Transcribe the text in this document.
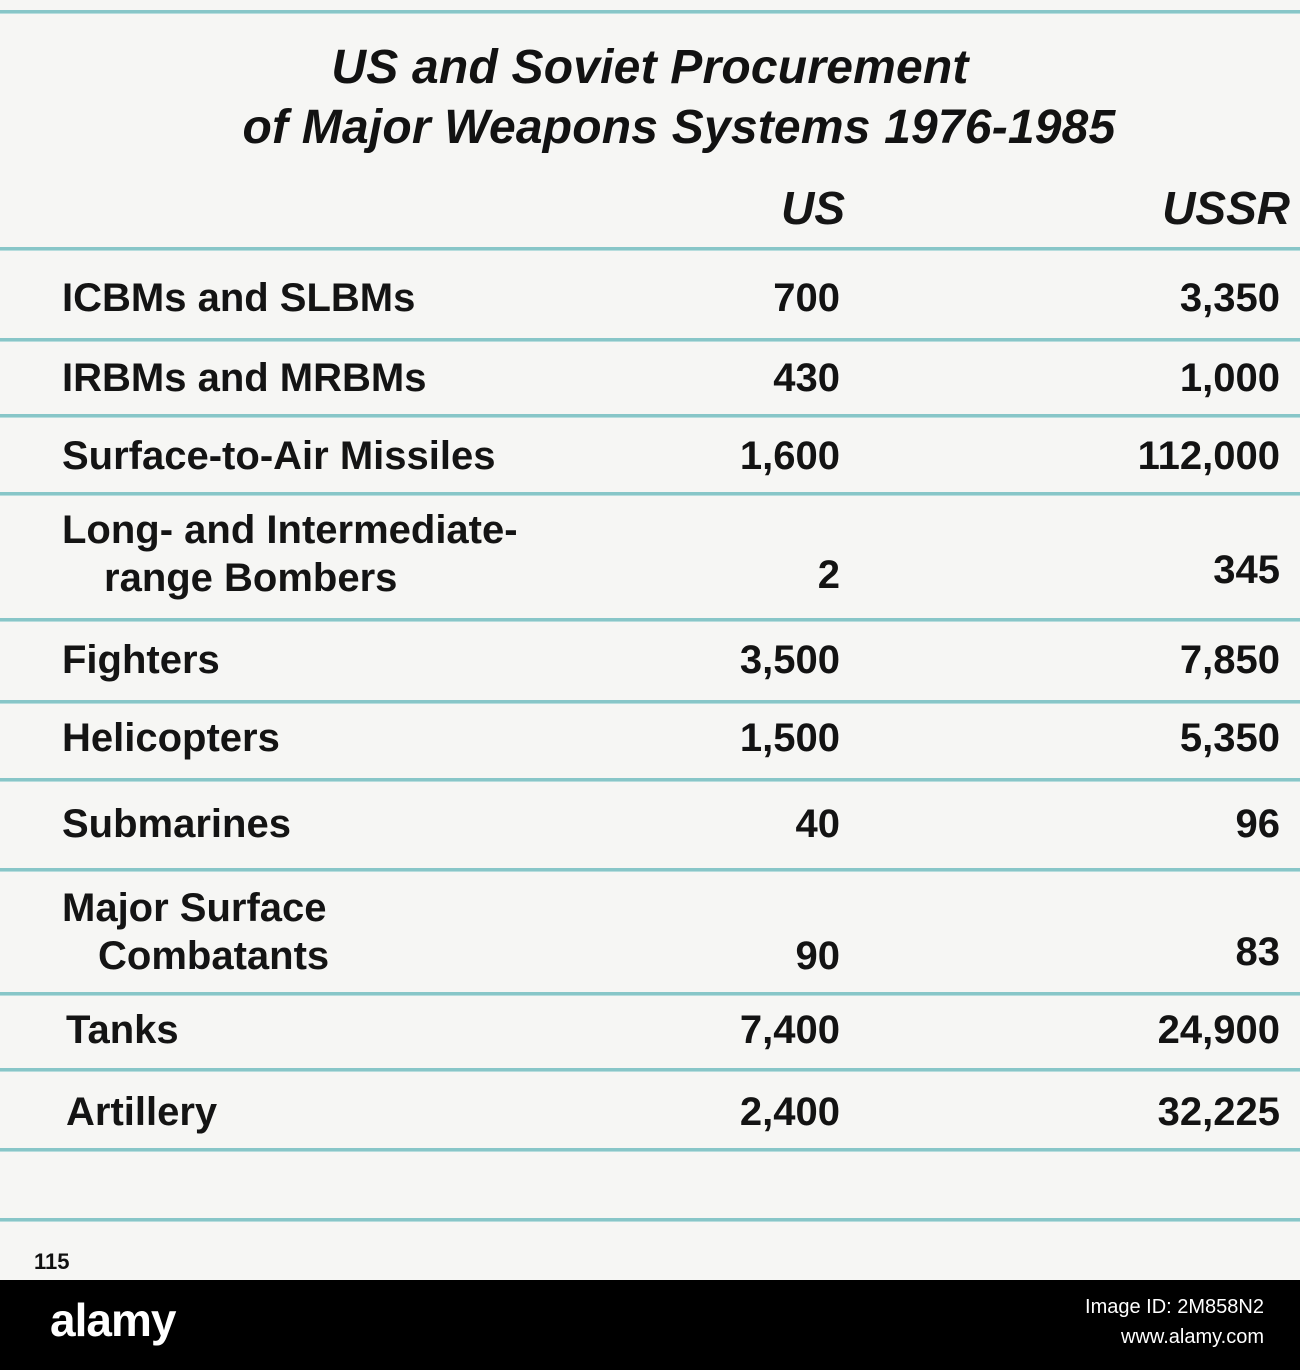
US and Soviet Procurement
of Major Weapons Systems 1976-1985
US	USSR
ICBMs and SLBMs	700	3,350
IRBMs and MRBMs	430	1,000
Surface-to-Air Missiles	1,600	112,000
Long- and Intermediate-
range Bombers	2	345
Fighters	3,500	7,850
Helicopters	1,500	5,350
Submarines	40	96
Major Surface
Combatants	90	83
Tanks	7,400	24,900
Artillery	2,400	32,225
115
alamy	Image ID: 2M858N2
www.alamy.com
